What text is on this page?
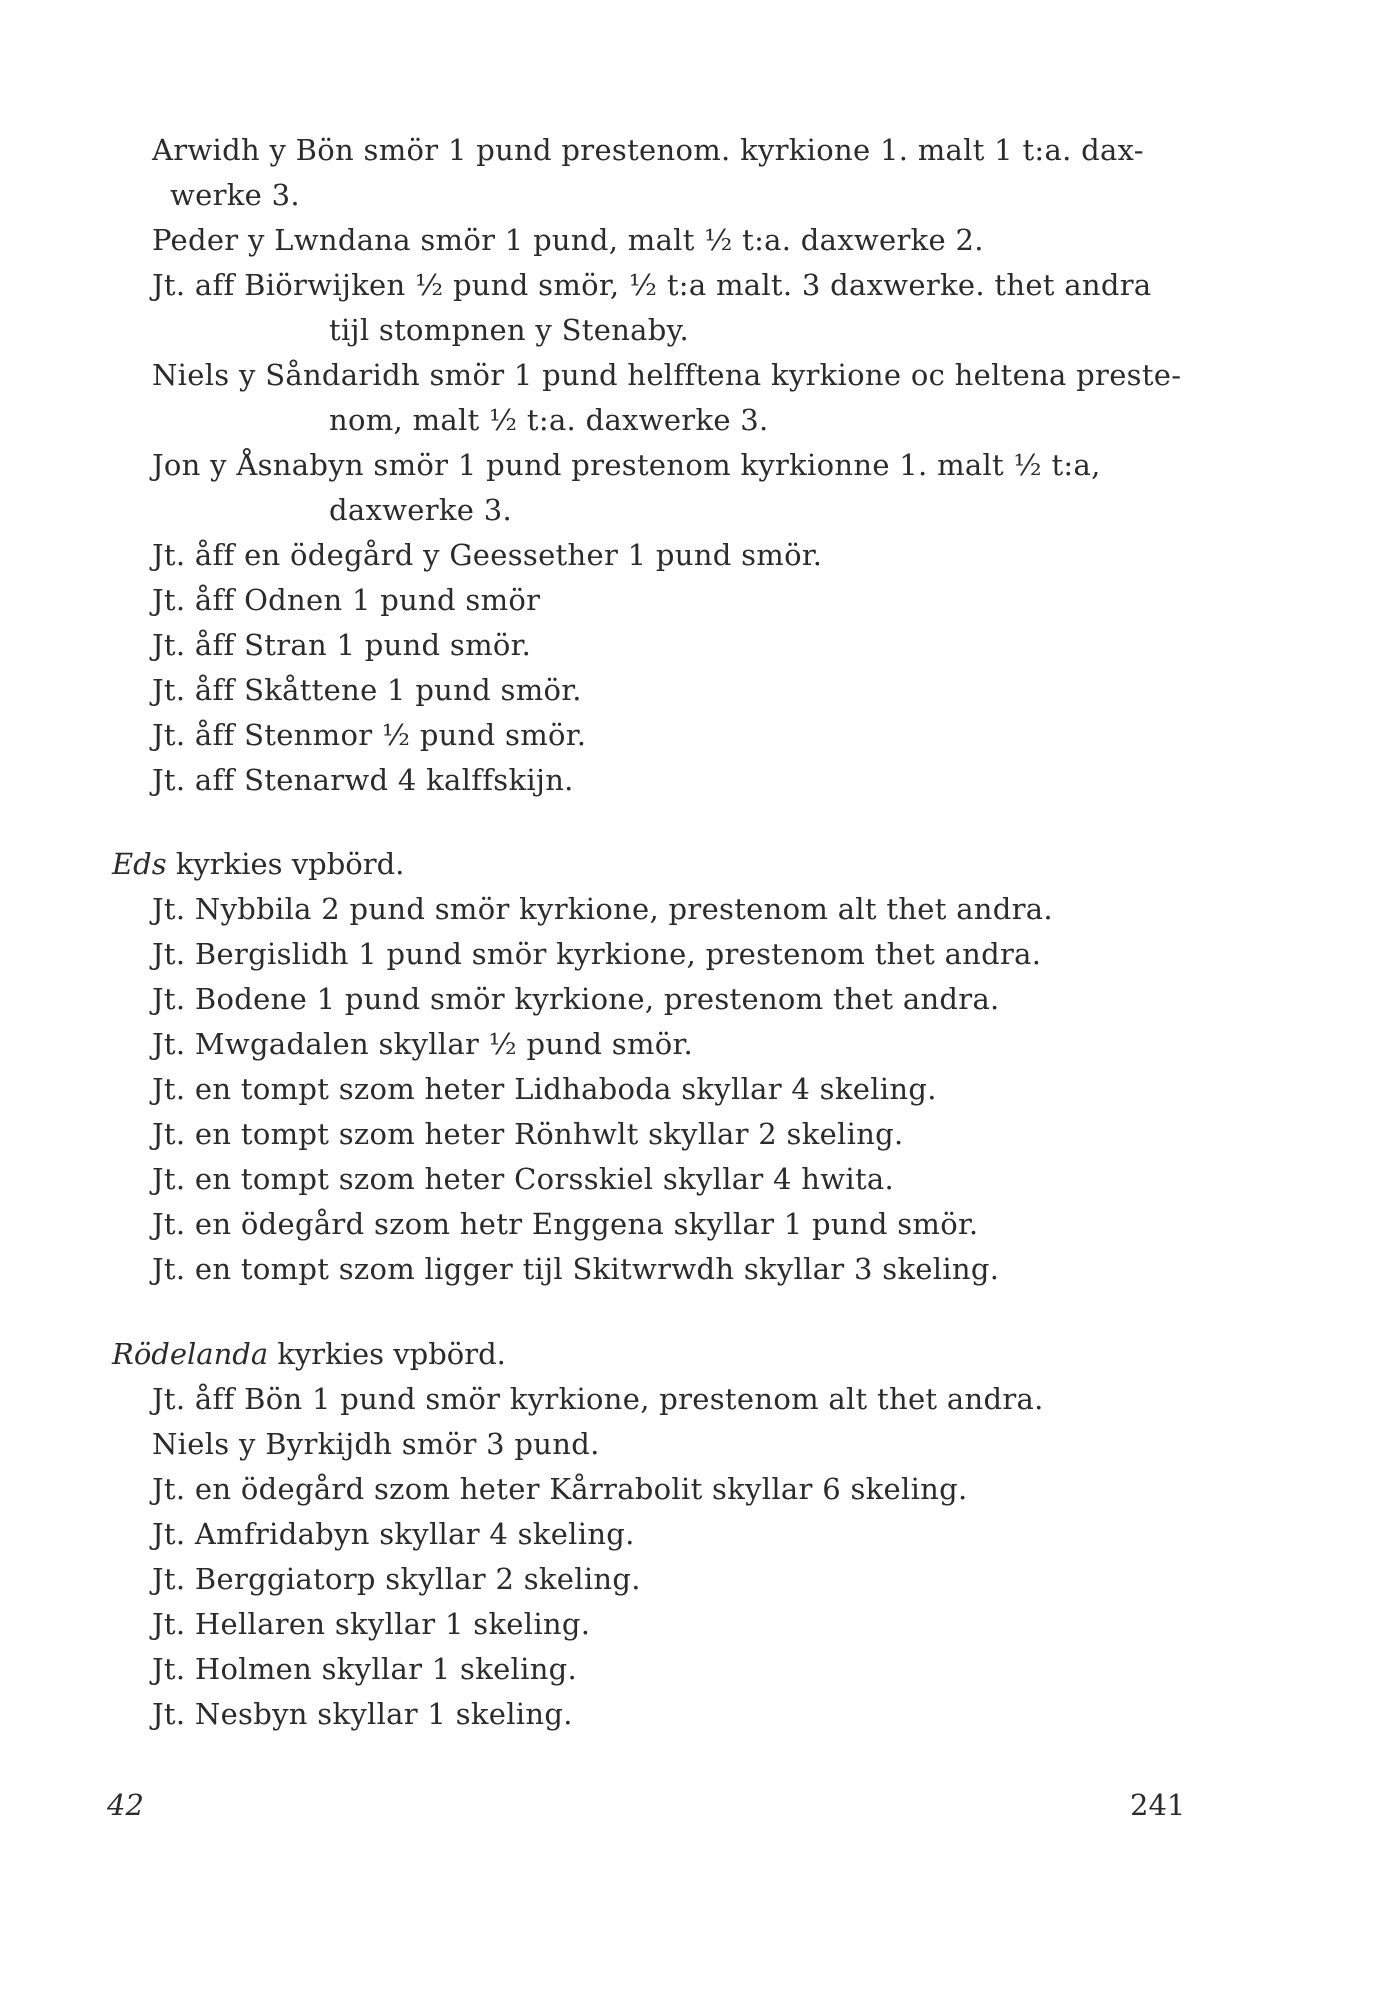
Arwidh y Bön smör 1 pund prestenom. kyrkione 1. malt 1 t:a. dax-
werke 3.
Peder y Lwndana smör 1 pund, malt ½ t:a. daxwerke 2.
Jt. aff Biörwijken ½ pund smör, ½ t:a malt. 3 daxwerke. thet andra
tijl stompnen y Stenaby.
Niels y Såndaridh smör 1 pund helfftena kyrkione oc heltena preste-
nom, malt ½ t:a. daxwerke 3.
Jon y Åsnabyn smör 1 pund prestenom kyrkionne 1. malt ½ t:a,
daxwerke 3.
Jt. åff en ödegård y Geessether 1 pund smör.
Jt. åff Odnen 1 pund smör
Jt. åff Stran 1 pund smör.
Jt. åff Skåttene 1 pund smör.
Jt. åff Stenmor ½ pund smör.
Jt. aff Stenarwd 4 kalffskijn.
Eds kyrkies vpbörd.
Jt. Nybbila 2 pund smör kyrkione, prestenom alt thet andra.
Jt. Bergislidh 1 pund smör kyrkione, prestenom thet andra.
Jt. Bodene 1 pund smör kyrkione, prestenom thet andra.
Jt. Mwgadalen skyllar ½ pund smör.
Jt. en tompt szom heter Lidhaboda skyllar 4 skeling.
Jt. en tompt szom heter Rönhwlt skyllar 2 skeling.
Jt. en tompt szom heter Corsskiel skyllar 4 hwita.
Jt. en ödegård szom hetr Enggena skyllar 1 pund smör.
Jt. en tompt szom ligger tijl Skitwrwdh skyllar 3 skeling.
Rödelanda kyrkies vpbörd.
Jt. åff Bön 1 pund smör kyrkione, prestenom alt thet andra.
Niels y Byrkijdh smör 3 pund.
Jt. en ödegård szom heter Kårrabolit skyllar 6 skeling.
Jt. Amfridabyn skyllar 4 skeling.
Jt. Berggiatorp skyllar 2 skeling.
Jt. Hellaren skyllar 1 skeling.
Jt. Holmen skyllar 1 skeling.
Jt. Nesbyn skyllar 1 skeling.
42	241
